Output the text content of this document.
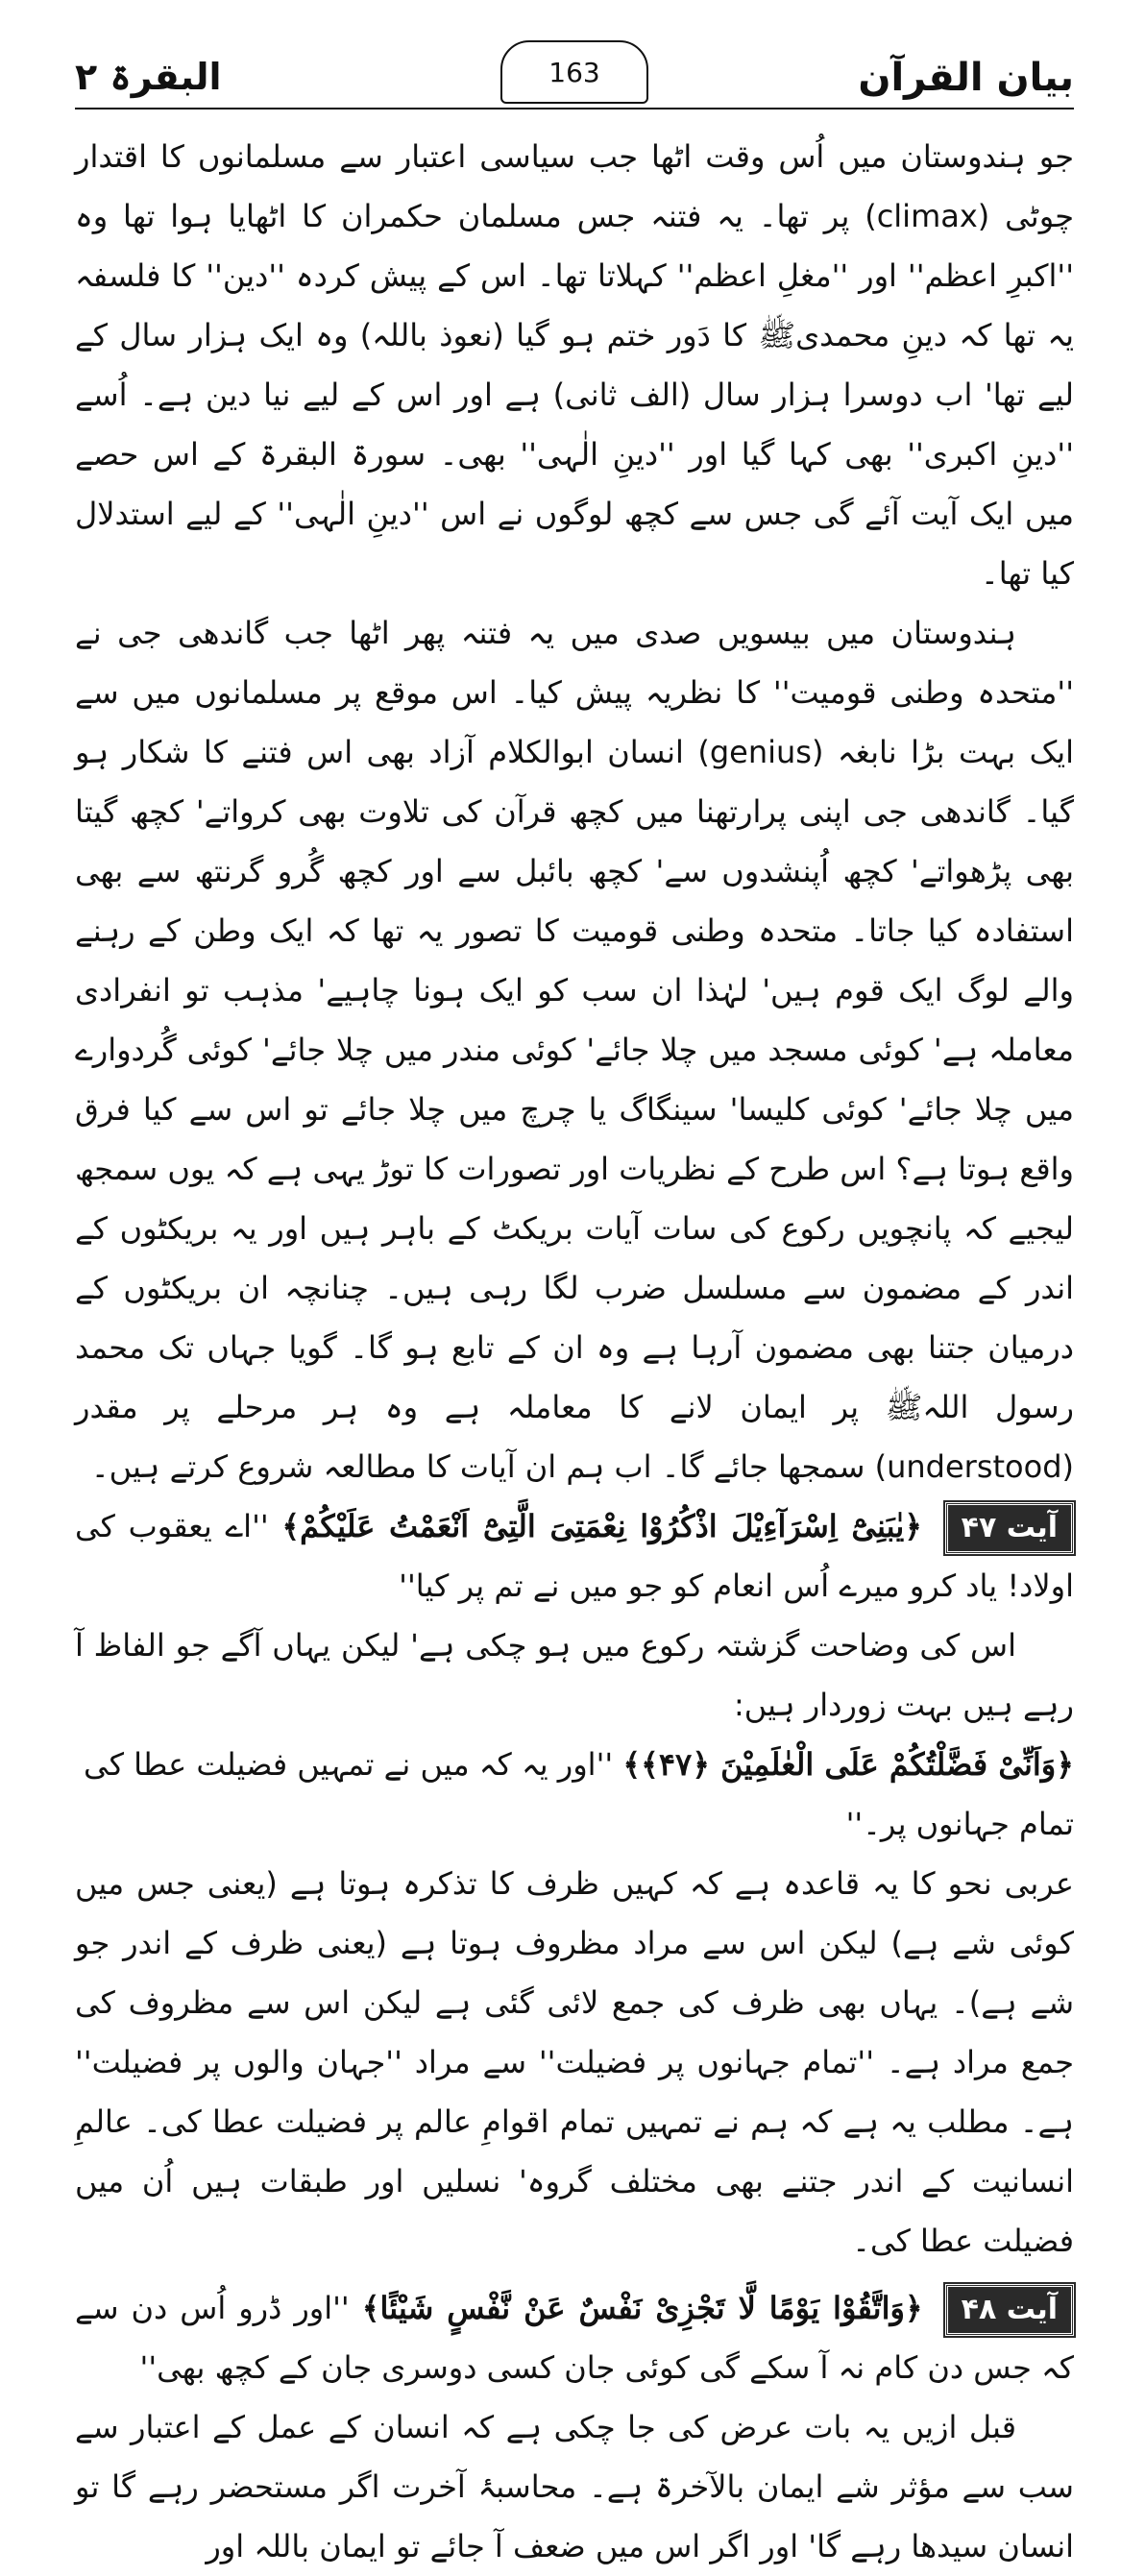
بیان القرآن
163
البقرۃ ۲

جو ہندوستان میں اُس وقت اٹھا جب سیاسی اعتبار سے مسلمانوں کا اقتدار چوٹی (climax) پر تھا۔ یہ فتنہ جس مسلمان حکمران کا اٹھایا ہوا تھا وہ ''اکبرِ اعظم'' اور ''مغلِ اعظم'' کہلاتا تھا۔ اس کے پیش کردہ ''دین'' کا فلسفہ یہ تھا کہ دینِ محمدیﷺ کا دَور ختم ہو گیا (نعوذ باللہ) وہ ایک ہزار سال کے لیے تھا' اب دوسرا ہزار سال (الف ثانی) ہے اور اس کے لیے نیا دین ہے۔ اُسے ''دینِ اکبری'' بھی کہا گیا اور ''دینِ الٰہی'' بھی۔ سورۃ البقرۃ کے اس حصے میں ایک آیت آئے گی جس سے کچھ لوگوں نے اس ''دینِ الٰہی'' کے لیے استدلال کیا تھا۔

ہندوستان میں بیسویں صدی میں یہ فتنہ پھر اٹھا جب گاندھی جی نے ''متحدہ وطنی قومیت'' کا نظریہ پیش کیا۔ اس موقع پر مسلمانوں میں سے ایک بہت بڑا نابغہ (genius) انسان ابوالکلام آزاد بھی اس فتنے کا شکار ہو گیا۔ گاندھی جی اپنی پرارتھنا میں کچھ قرآن کی تلاوت بھی کرواتے' کچھ گیتا بھی پڑھواتے' کچھ اُپنشدوں سے' کچھ بائبل سے اور کچھ گُرو گرنتھ سے بھی استفادہ کیا جاتا۔ متحدہ وطنی قومیت کا تصور یہ تھا کہ ایک وطن کے رہنے والے لوگ ایک قوم ہیں' لہٰذا ان سب کو ایک ہونا چاہیے' مذہب تو انفرادی معاملہ ہے' کوئی مسجد میں چلا جائے' کوئی مندر میں چلا جائے' کوئی گُردوارے میں چلا جائے' کوئی کلیسا' سینگاگ یا چرچ میں چلا جائے تو اس سے کیا فرق واقع ہوتا ہے؟ اس طرح کے نظریات اور تصورات کا توڑ یہی ہے کہ یوں سمجھ لیجیے کہ پانچویں رکوع کی سات آیات بریکٹ کے باہر ہیں اور یہ بریکٹوں کے اندر کے مضمون سے مسلسل ضرب لگا رہی ہیں۔ چنانچہ ان بریکٹوں کے درمیان جتنا بھی مضمون آرہا ہے وہ ان کے تابع ہو گا۔ گویا جہاں تک محمد رسول اللہﷺ پر ایمان لانے کا معاملہ ہے وہ ہر مرحلے پر مقدر (understood) سمجھا جائے گا۔ اب ہم ان آیات کا مطالعہ شروع کرتے ہیں۔

آیت ۴۷ ﴿یٰبَنِیْٓ اِسْرَآءِیْلَ اذْکُرُوْا نِعْمَتِیَ الَّتِیْٓ اَنْعَمْتُ عَلَیْکُمْ﴾ ''اے یعقوب کی اولاد! یاد کرو میرے اُس انعام کو جو میں نے تم پر کیا''

اس کی وضاحت گزشتہ رکوع میں ہو چکی ہے' لیکن یہاں آگے جو الفاظ آ رہے ہیں بہت زوردار ہیں:

﴿وَاَنِّیْ فَضَّلْتُکُمْ عَلَی الْعٰلَمِیْنَ ﴿۴۷﴾﴾ ''اور یہ کہ میں نے تمہیں فضیلت عطا کی تمام جہانوں پر۔''

عربی نحو کا یہ قاعدہ ہے کہ کہیں ظرف کا تذکرہ ہوتا ہے (یعنی جس میں کوئی شے ہے) لیکن اس سے مراد مظروف ہوتا ہے (یعنی ظرف کے اندر جو شے ہے)۔ یہاں بھی ظرف کی جمع لائی گئی ہے لیکن اس سے مظروف کی جمع مراد ہے۔ ''تمام جہانوں پر فضیلت'' سے مراد ''جہان والوں پر فضیلت'' ہے۔ مطلب یہ ہے کہ ہم نے تمہیں تمام اقوامِ عالم پر فضیلت عطا کی۔ عالمِ انسانیت کے اندر جتنے بھی مختلف گروہ' نسلیں اور طبقات ہیں اُن میں فضیلت عطا کی۔

آیت ۴۸ ﴿وَاتَّقُوْا یَوْمًا لَّا تَجْزِیْ نَفْسٌ عَنْ نَّفْسٍ شَیْئًا﴾ ''اور ڈرو اُس دن سے کہ جس دن کام نہ آ سکے گی کوئی جان کسی دوسری جان کے کچھ بھی''

قبل ازیں یہ بات عرض کی جا چکی ہے کہ انسان کے عمل کے اعتبار سے سب سے مؤثر شے ایمان بالآخرۃ ہے۔ محاسبۂ آخرت اگر مستحضر رہے گا تو انسان سیدھا رہے گا' اور اگر اس میں ضعف آ جائے تو ایمان باللہ اور
